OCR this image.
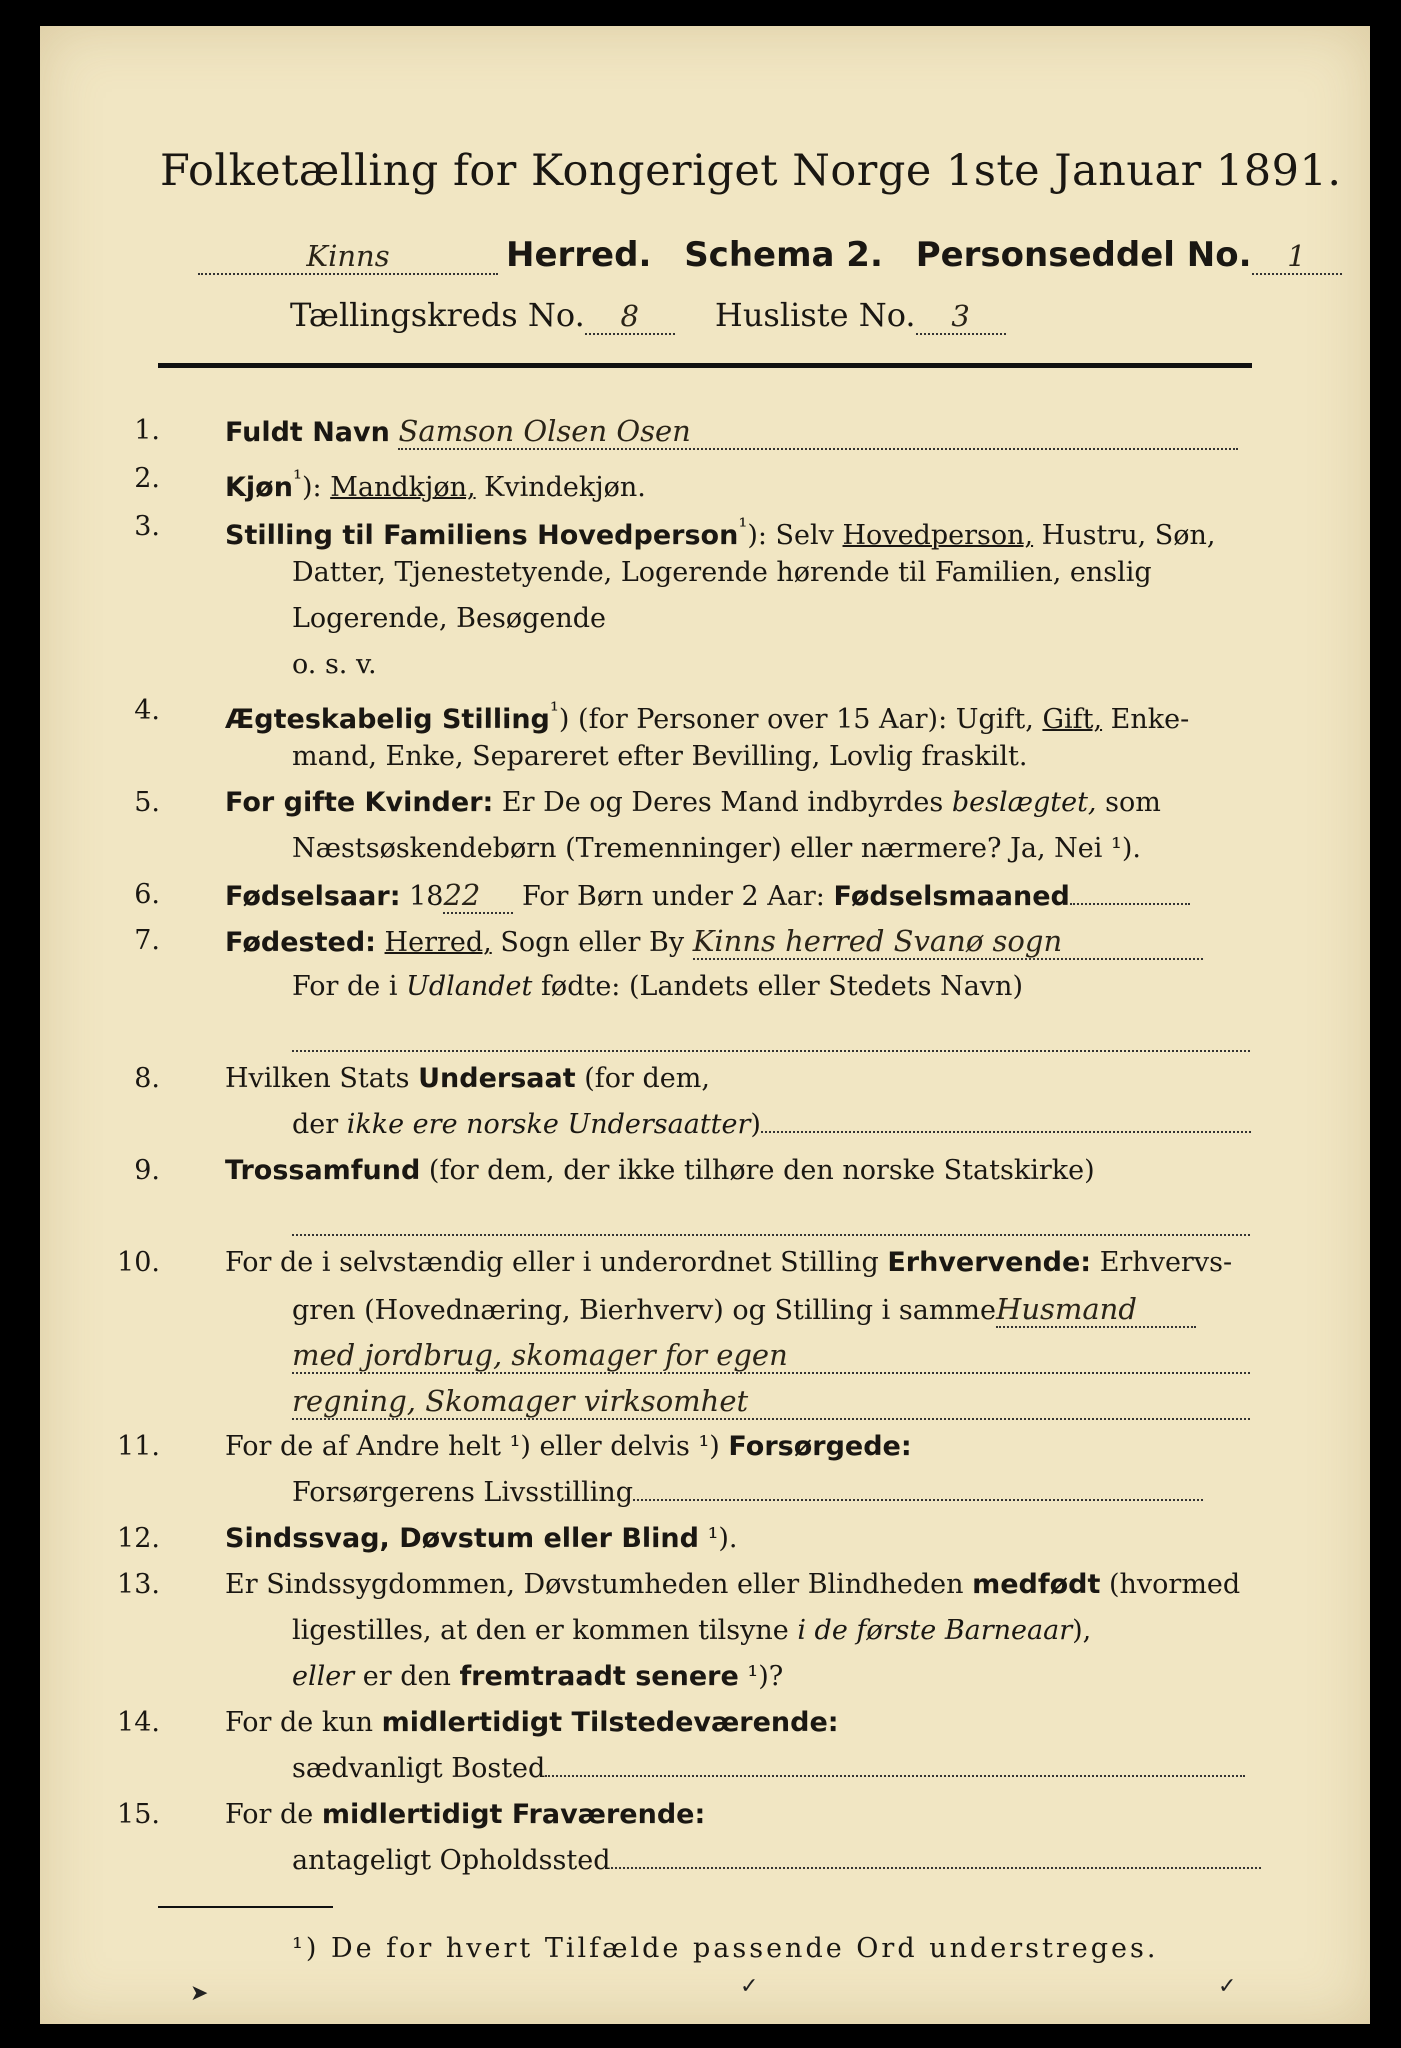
Folketælling for Kongeriget Norge 1ste Januar 1891.
Kinns	Herred. Schema 2. Personseddel No. 1
Tællingskreds No. 8 Husliste No. 3
1. Fuldt Navn Samson Olsen Osen
2. Kjøn$^{^1}$): Mandkjøn, Kvindekjøn.
3. Stilling til Familiens Hovedperson$^{^1}$): Selv Hovedperson, Hustru, Søn,
Datter, Tjenestetyende, Logerende hørende til Familien, enslig
Logerende, Besøgende
o. s. v.
4. Ægteskabelig Stilling$^{^1}$) (for Personer over 15 Aar): Ugift, Gift, Enke-
mand, Enke, Separeret efter Bevilling, Lovlig fraskilt.
5. For gifte Kvinder: Er De og Deres Mand indbyrdes beslægtet, som
Næstsøskendebørn (Tremenninger) eller nærmere? Ja, Nei ¹).
6. Fødselsaar: 1822 For Børn under 2 Aar: Fødselsmaaned
7. Fødested: Herred, Sogn eller By Kinns herred Svanø sogn
For de i Udlandet fødte: (Landets eller Stedets Navn)

8. Hvilken Stats Undersaat (for dem,
der ikke ere norske Undersaatter)
9. Trossamfund (for dem, der ikke tilhøre den norske Statskirke)

10. For de i selvstændig eller i underordnet Stilling Erhvervende: Erhvervs-
gren (Hovednæring, Bierhverv) og Stilling i sammeHusmand
med jordbrug, skomager for egen
regning, Skomager virksomhet
11. For de af Andre helt ¹) eller delvis ¹) Forsørgede:
Forsørgerens Livsstilling
12. Sindssvag, Døvstum eller Blind ¹).
13. Er Sindssygdommen, Døvstumheden eller Blindheden medfødt (hvormed
ligestilles, at den er kommen tilsyne i de første Barneaar),
eller er den fremtraadt senere ¹)?
14. For de kun midlertidigt Tilstedeværende:
sædvanligt Bosted
15. For de midlertidigt Fraværende:
antageligt Opholdssted
¹) De for hvert Tilfælde passende Ord understreges.
➤	✓	✓
